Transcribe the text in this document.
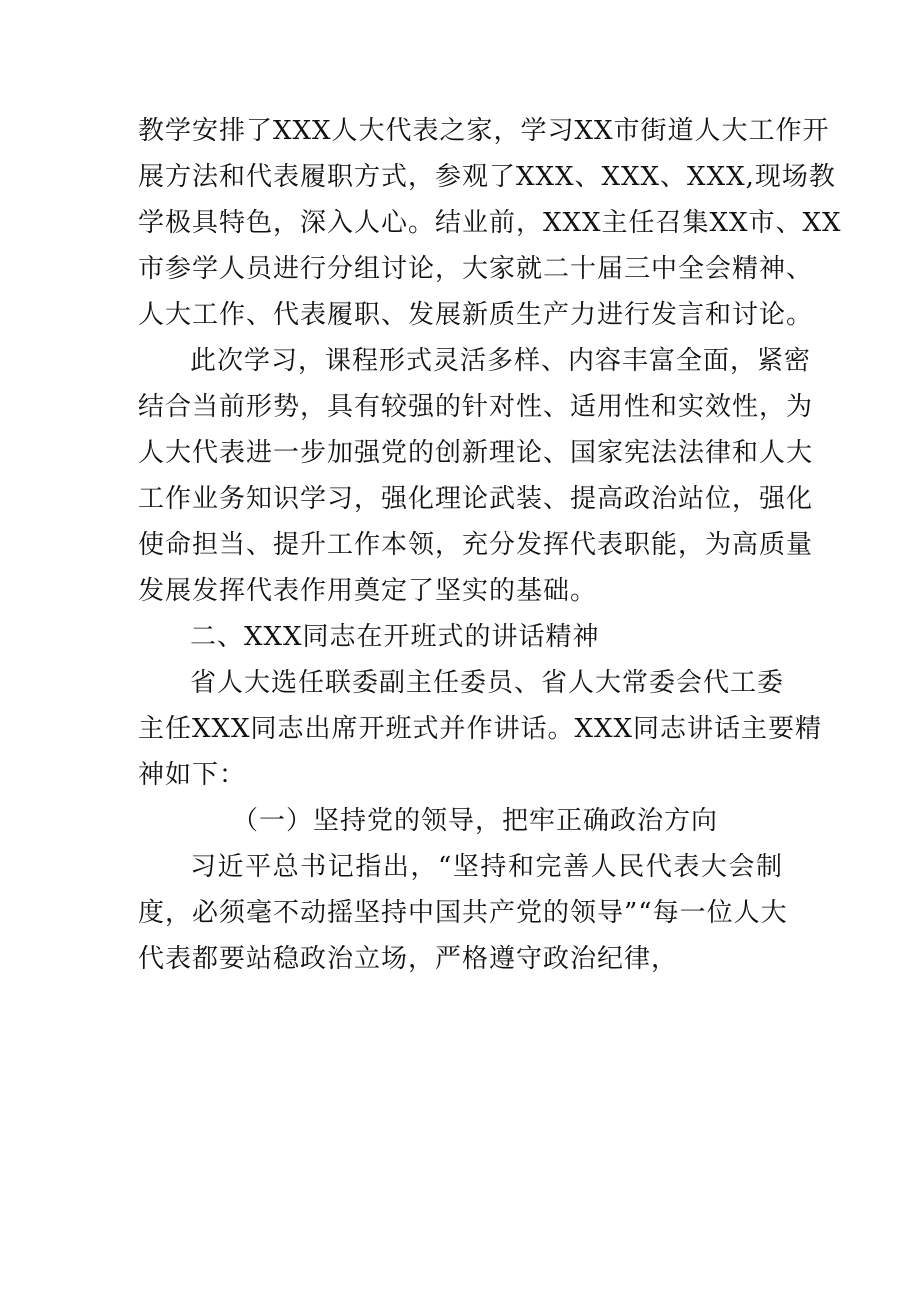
教学安排了XXX人大代表之家，学习XX市街道人大工作开
展方法和代表履职方式，参观了XXX、XXX、XXX,现场教
学极具特色，深入人心。结业前，XXX主任召集XX市、XX
市参学人员进行分组讨论，大家就二十届三中全会精神、
人大工作、代表履职、发展新质生产力进行发言和讨论。
此次学习，课程形式灵活多样、内容丰富全面，紧密
结合当前形势，具有较强的针对性、适用性和实效性，为
人大代表进一步加强党的创新理论、国家宪法法律和人大
工作业务知识学习，强化理论武装、提高政治站位，强化
使命担当、提升工作本领，充分发挥代表职能，为高质量
发展发挥代表作用奠定了坚实的基础。
二、XXX同志在开班式的讲话精神
省人大选任联委副主任委员、省人大常委会代工委
主任XXX同志出席开班式并作讲话。XXX同志讲话主要精
神如下：
（一）坚持党的领导，把牢正确政治方向
习近平总书记指出，“坚持和完善人民代表大会制
度，必须毫不动摇坚持中国共产党的领导”“每一位人大
代表都要站稳政治立场，严格遵守政治纪律，
